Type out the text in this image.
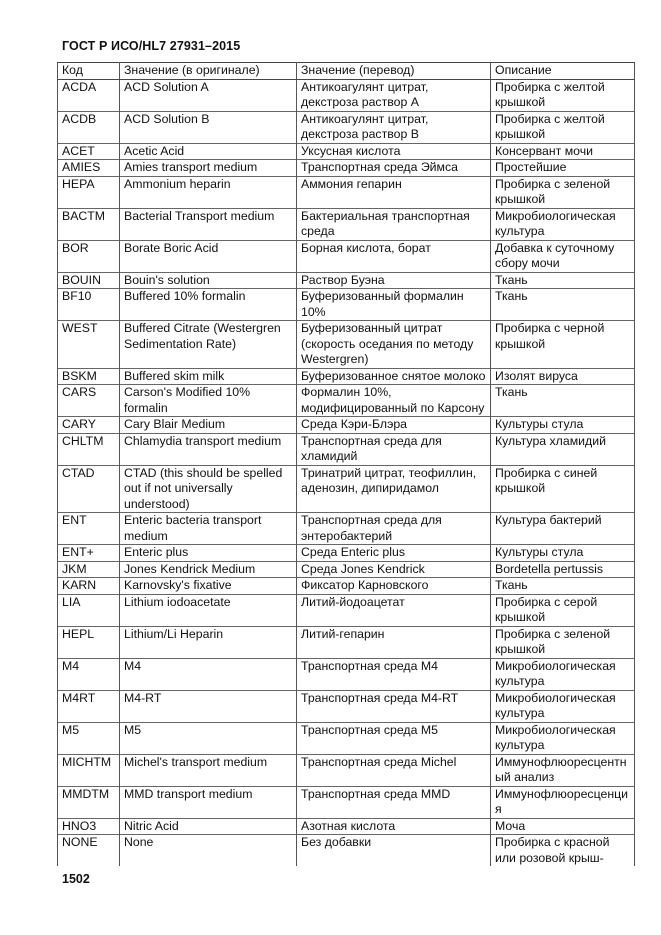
ГОСТ Р ИСО/HL7 27931–2015
Код	Значение (в оригинале)	Значение (перевод)	Описание
ACDA	ACD Solution A	Антикоагулянт цитрат, декстроза раствор А	Пробирка с желтой крышкой
ACDB	ACD Solution B	Антикоагулянт цитрат, декстроза раствор В	Пробирка с желтой крышкой
ACET	Acetic Acid	Уксусная кислота	Консервант мочи
AMIES	Amies transport medium	Транспортная среда Эймса	Простейшие
HEPA	Ammonium heparin	Аммония гепарин	Пробирка с зеленой крышкой
BACTM	Bacterial Transport medium	Бактериальная транспортная среда	Микробиологическая культура
BOR	Borate Boric Acid	Борная кислота, борат	Добавка к суточному сбору мочи
BOUIN	Bouin's solution	Раствор Буэна	Ткань
BF10	Buffered 10% formalin	Буферизованный формалин 10%	Ткань
WEST	Buffered Citrate (Westergren Sedimentation Rate)	Буферизованный цитрат (скорость оседания по методу Westergren)	Пробирка с черной крышкой
BSKM	Buffered skim milk	Буферизованное снятое молоко	Изолят вируса
CARS	Carson's Modified 10% formalin	Формалин 10%, модифицированный по Карсону	Ткань
CARY	Cary Blair Medium	Среда Кэри-Блэра	Культуры стула
CHLTM	Chlamydia transport medium	Транспортная среда для хламидий	Культура хламидий
CTAD	CTAD (this should be spelled out if not universally understood)	Тринатрий цитрат, теофиллин, аденозин, дипиридамол	Пробирка с синей крышкой
ENT	Enteric bacteria transport medium	Транспортная среда для энтеробактерий	Культура бактерий
ENT+	Enteric plus	Среда Enteric plus	Культуры стула
JKM	Jones Kendrick Medium	Среда Jones Kendrick	Bordetella pertussis
KARN	Karnovsky's fixative	Фиксатор Карновского	Ткань
LIA	Lithium iodoacetate	Литий-йодоацетат	Пробирка с серой крышкой
HEPL	Lithium/Li Heparin	Литий-гепарин	Пробирка с зеленой крышкой
M4	M4	Транспортная среда М4	Микробиологическая культура
M4RT	M4-RT	Транспортная среда M4-RT	Микробиологическая культура
M5	M5	Транспортная среда М5	Микробиологическая культура
MICHTM	Michel's transport medium	Транспортная среда Michel	Иммунофлюоресцентный анализ
MMDTM	MMD transport medium	Транспортная среда MMD	Иммунофлюоресценция
HNO3	Nitric Acid	Азотная кислота	Моча
NONE	None	Без добавки	Пробирка с красной или розовой крыш-
1502
